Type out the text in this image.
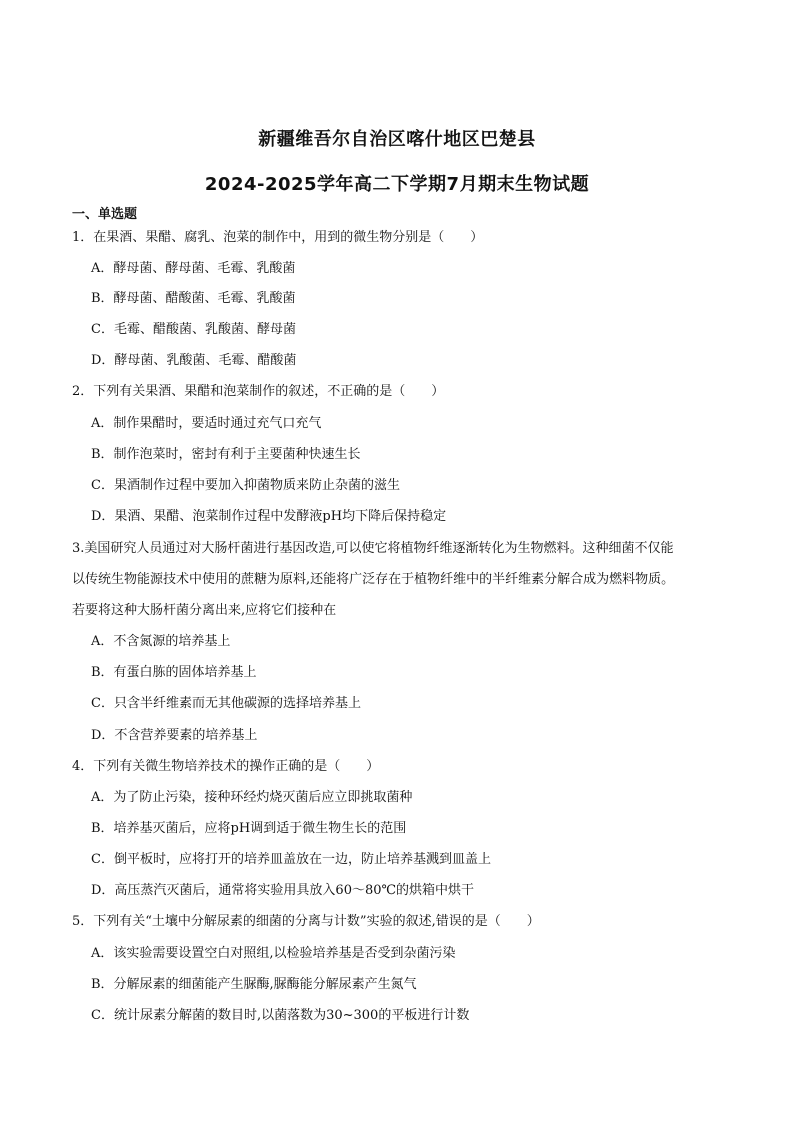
新疆维吾尔自治区喀什地区巴楚县
2024-2025学年高二下学期7月期末生物试题
一、单选题
1．在果酒、果醋、腐乳、泡菜的制作中，用到的微生物分别是（　　）
A．酵母菌、酵母菌、毛霉、乳酸菌
B．酵母菌、醋酸菌、毛霉、乳酸菌
C．毛霉、醋酸菌、乳酸菌、酵母菌
D．酵母菌、乳酸菌、毛霉、醋酸菌
2．下列有关果酒、果醋和泡菜制作的叙述，不正确的是（　　）
A．制作果醋时，要适时通过充气口充气
B．制作泡菜时，密封有利于主要菌种快速生长
C．果酒制作过程中要加入抑菌物质来防止杂菌的滋生
D．果酒、果醋、泡菜制作过程中发酵液pH均下降后保持稳定
3.美国研究人员通过对大肠杆菌进行基因改造,可以使它将植物纤维逐渐转化为生物燃料。这种细菌不仅能
以传统生物能源技术中使用的蔗糖为原料,还能将广泛存在于植物纤维中的半纤维素分解合成为燃料物质。
若要将这种大肠杆菌分离出来,应将它们接种在
A．不含氮源的培养基上
B．有蛋白胨的固体培养基上
C．只含半纤维素而无其他碳源的选择培养基上
D．不含营养要素的培养基上
4．下列有关微生物培养技术的操作正确的是（　　）
A．为了防止污染，接种环经灼烧灭菌后应立即挑取菌种
B．培养基灭菌后，应将pH调到适于微生物生长的范围
C．倒平板时，应将打开的培养皿盖放在一边，防止培养基溅到皿盖上
D．高压蒸汽灭菌后，通常将实验用具放入60～80℃的烘箱中烘干
5．下列有关“土壤中分解尿素的细菌的分离与计数”实验的叙述,错误的是（　　）
A．该实验需要设置空白对照组,以检验培养基是否受到杂菌污染
B．分解尿素的细菌能产生脲酶,脲酶能分解尿素产生氮气
C．统计尿素分解菌的数目时,以菌落数为30~300的平板进行计数
